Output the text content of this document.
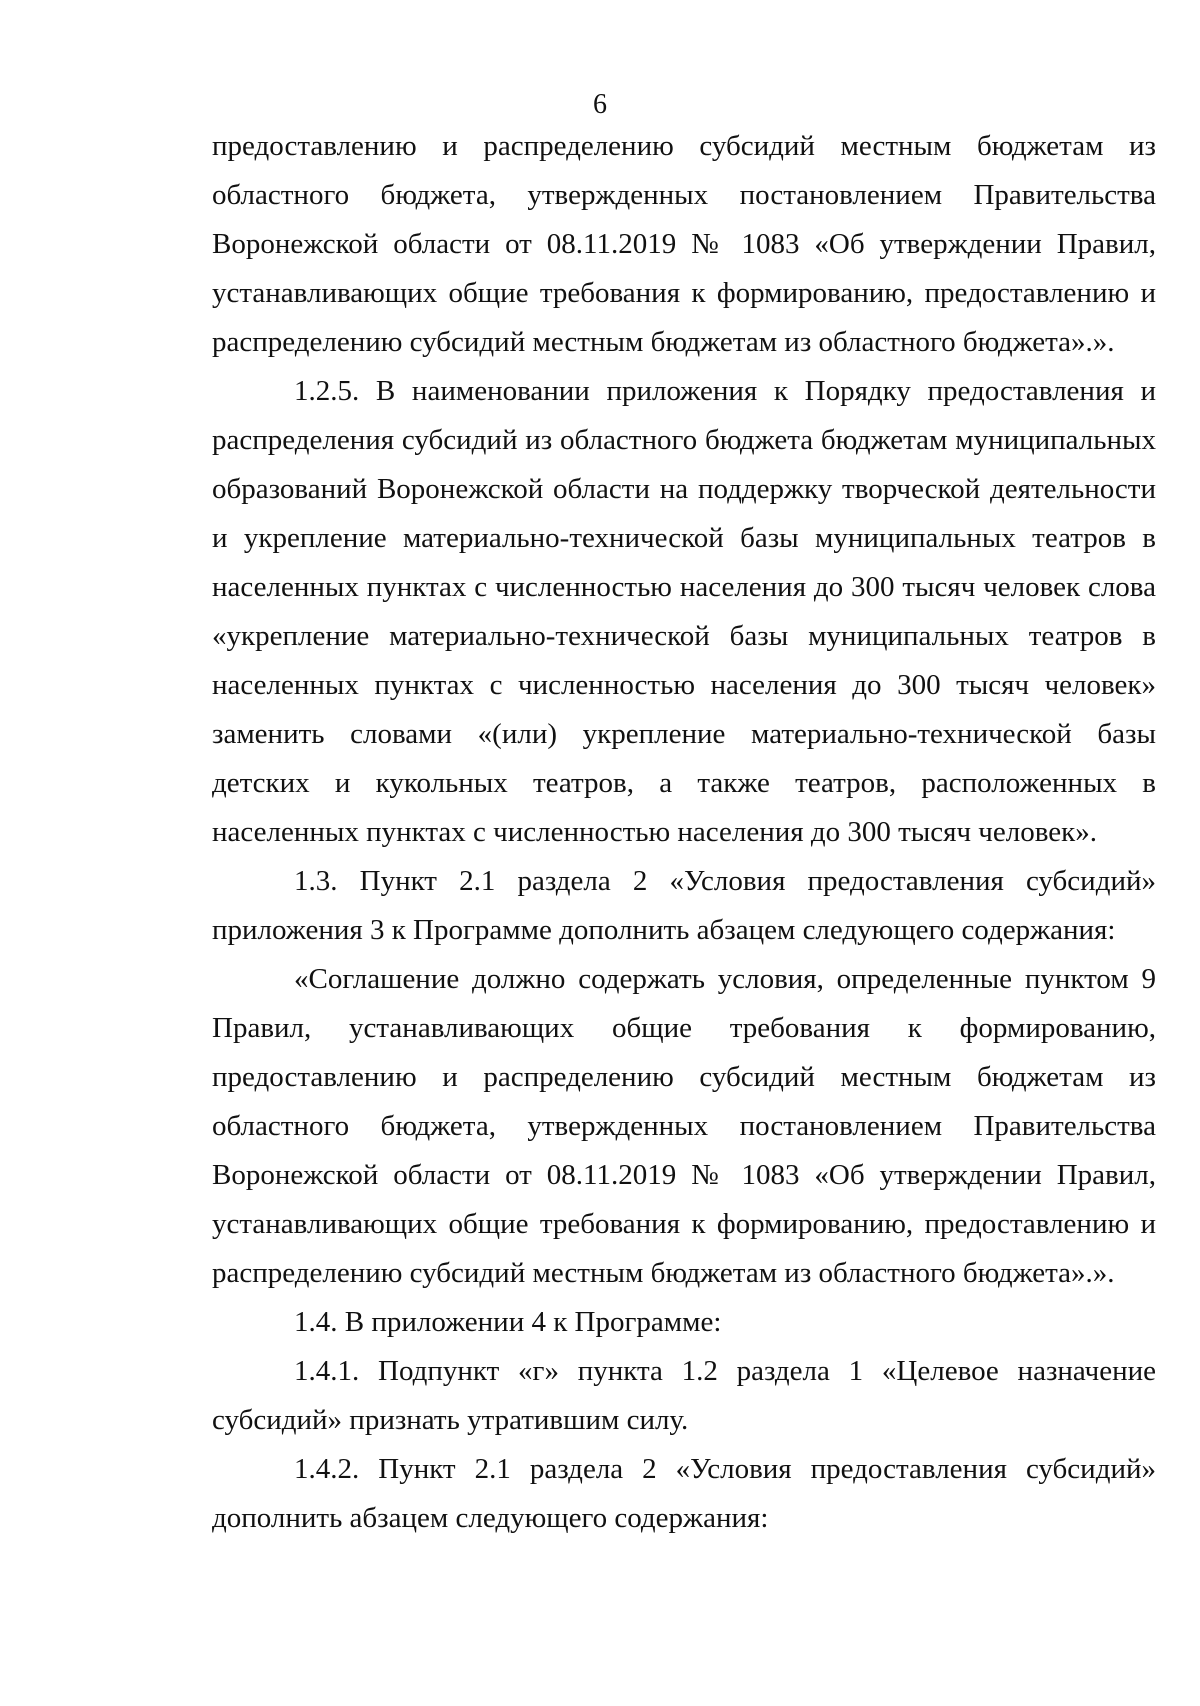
6

предоставлению и распределению субсидий местным бюджетам из областного бюджета, утвержденных постановлением Правительства Воронежской области от 08.11.2019 № 1083 «Об утверждении Правил, устанавливающих общие требования к формированию, предоставлению и распределению субсидий местным бюджетам из областного бюджета».».

1.2.5. В наименовании приложения к Порядку предоставления и распределения субсидий из областного бюджета бюджетам муниципальных образований Воронежской области на поддержку творческой деятельности и укрепление материально-технической базы муниципальных театров в населенных пунктах с численностью населения до 300 тысяч человек слова «укрепление материально-технической базы муниципальных театров в населенных пунктах с численностью населения до 300 тысяч человек» заменить словами «(или) укрепление материально-технической базы детских и кукольных театров, а также театров, расположенных в населенных пунктах с численностью населения до 300 тысяч человек».

1.3. Пункт 2.1 раздела 2 «Условия предоставления субсидий» приложения 3 к Программе дополнить абзацем следующего содержания:

«Соглашение должно содержать условия, определенные пунктом 9 Правил, устанавливающих общие требования к формированию, предоставлению и распределению субсидий местным бюджетам из областного бюджета, утвержденных постановлением Правительства Воронежской области от 08.11.2019 № 1083 «Об утверждении Правил, устанавливающих общие требования к формированию, предоставлению и распределению субсидий местным бюджетам из областного бюджета».».

1.4. В приложении 4 к Программе:

1.4.1. Подпункт «г» пункта 1.2 раздела 1 «Целевое назначение субсидий» признать утратившим силу.

1.4.2. Пункт 2.1 раздела 2 «Условия предоставления субсидий» дополнить абзацем следующего содержания:
